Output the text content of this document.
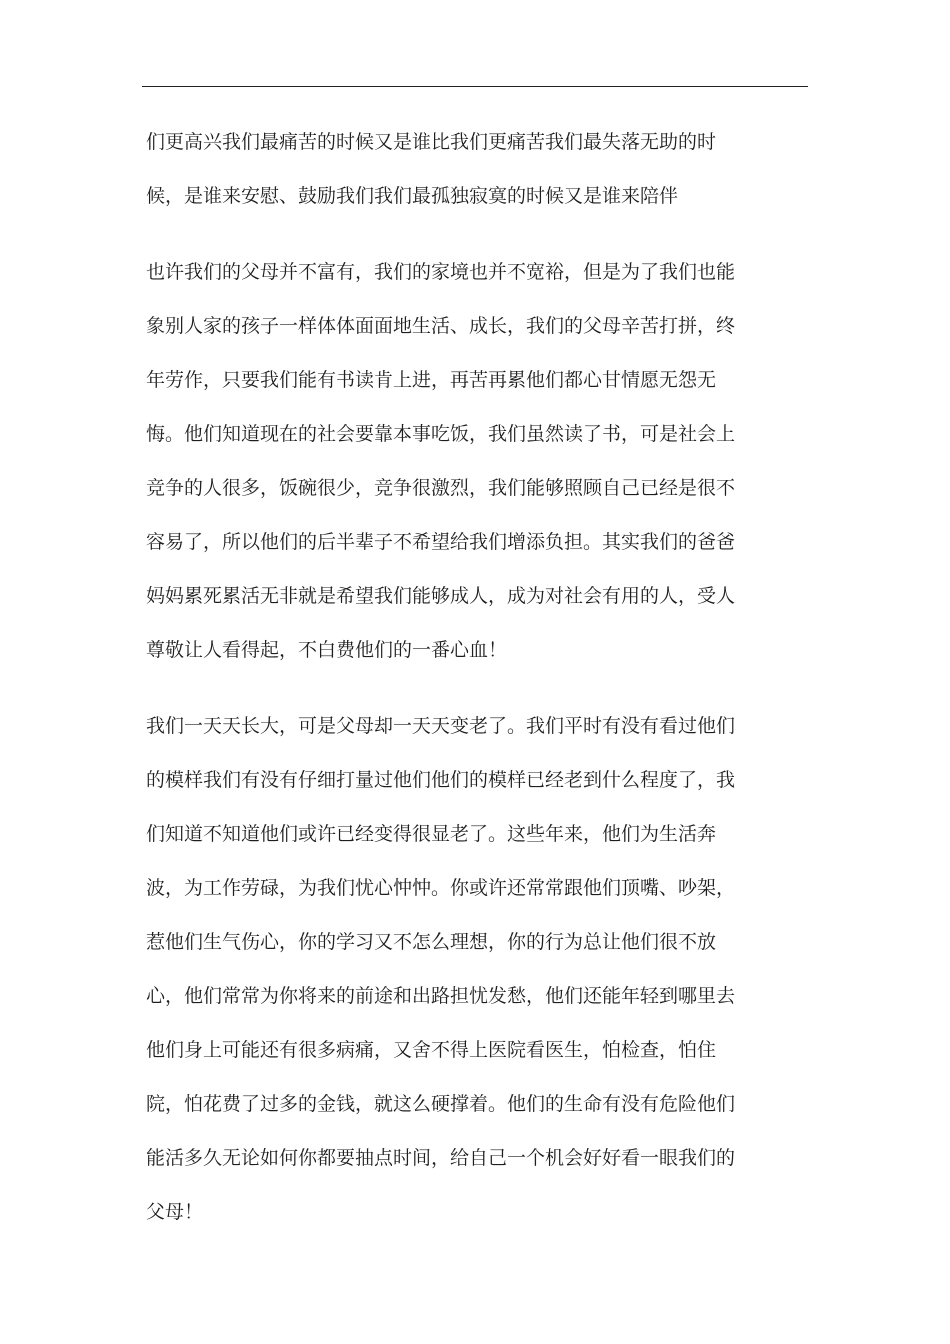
们更高兴我们最痛苦的时候又是谁比我们更痛苦我们最失落无助的时
候，是谁来安慰、鼓励我们我们最孤独寂寞的时候又是谁来陪伴

也许我们的父母并不富有，我们的家境也并不宽裕，但是为了我们也能
象别人家的孩子一样体体面面地生活、成长，我们的父母辛苦打拼，终
年劳作，只要我们能有书读肯上进，再苦再累他们都心甘情愿无怨无
悔。他们知道现在的社会要靠本事吃饭，我们虽然读了书，可是社会上
竞争的人很多，饭碗很少，竞争很激烈，我们能够照顾自己已经是很不
容易了，所以他们的后半辈子不希望给我们增添负担。其实我们的爸爸
妈妈累死累活无非就是希望我们能够成人，成为对社会有用的人，受人
尊敬让人看得起，不白费他们的一番心血！

我们一天天长大，可是父母却一天天变老了。我们平时有没有看过他们
的模样我们有没有仔细打量过他们他们的模样已经老到什么程度了，我
们知道不知道他们或许已经变得很显老了。这些年来，他们为生活奔
波，为工作劳碌，为我们忧心忡忡。你或许还常常跟他们顶嘴、吵架，
惹他们生气伤心，你的学习又不怎么理想，你的行为总让他们很不放
心，他们常常为你将来的前途和出路担忧发愁，他们还能年轻到哪里去
他们身上可能还有很多病痛，又舍不得上医院看医生，怕检查，怕住
院，怕花费了过多的金钱，就这么硬撑着。他们的生命有没有危险他们
能活多久无论如何你都要抽点时间，给自己一个机会好好看一眼我们的
父母！
